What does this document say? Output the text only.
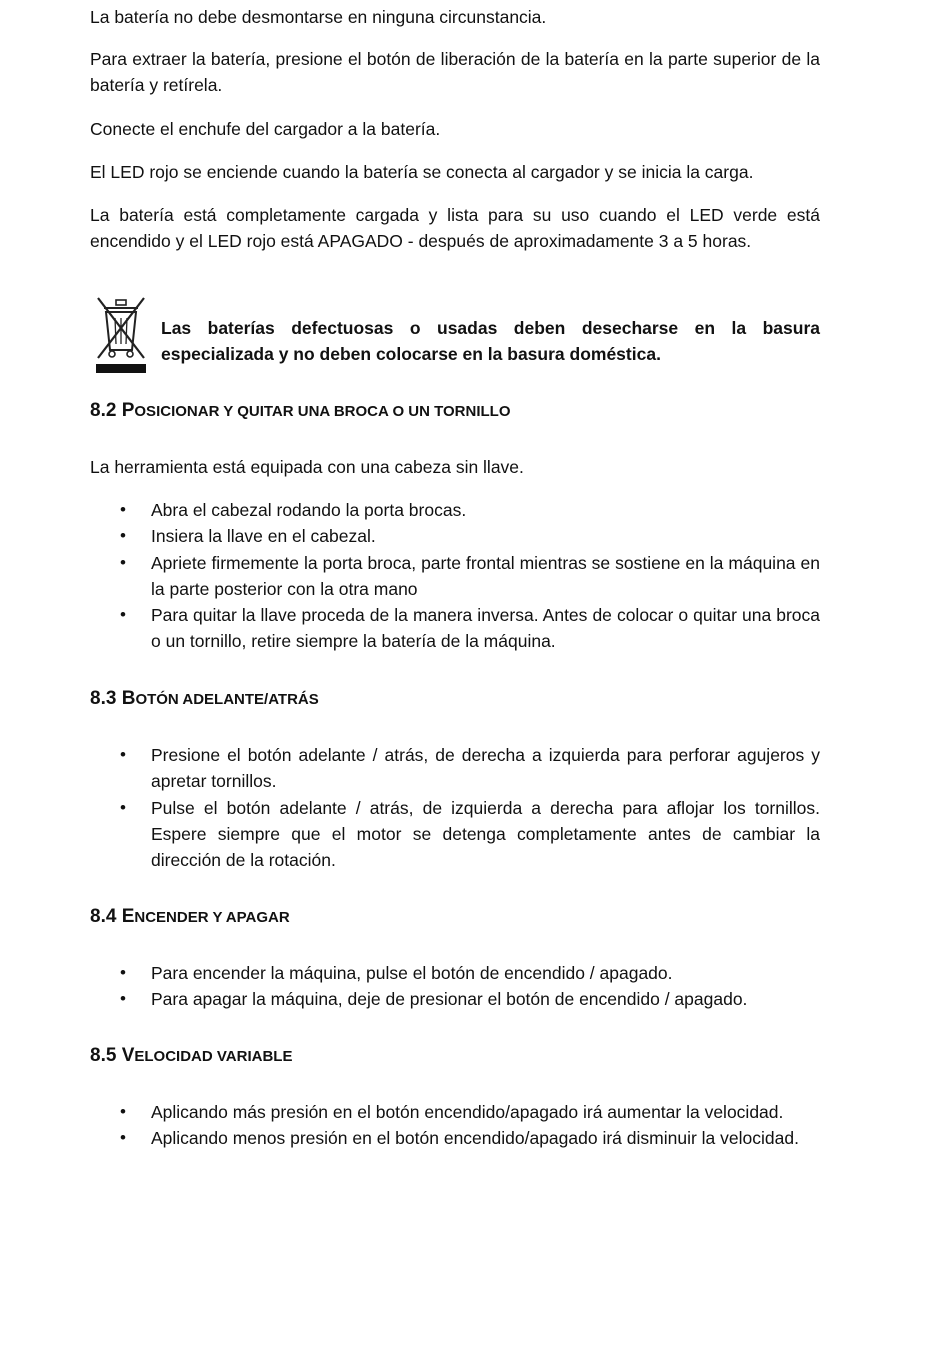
La batería no debe desmontarse en ninguna circunstancia.

Para extraer la batería, presione el botón de liberación de la batería en la parte superior de la batería y retírela.

Conecte el enchufe del cargador a la batería.

El LED rojo se enciende cuando la batería se conecta al cargador y se inicia la carga.

La batería está completamente cargada y lista para su uso cuando el LED verde está encendido y el LED rojo está APAGADO - después de aproximadamente 3 a 5 horas.

Las baterías defectuosas o usadas deben desecharse en la basura especializada y no deben colocarse en la basura doméstica.

8.2 POSICIONAR Y QUITAR UNA BROCA O UN TORNILLO

La herramienta está equipada con una cabeza sin llave.

• Abra el cabezal rodando la porta brocas.
• Insiera la llave en el cabezal.
• Apriete firmemente la porta broca, parte frontal mientras se sostiene en la máquina en la parte posterior con la otra mano
• Para quitar la llave proceda de la manera inversa. Antes de colocar o quitar una broca o un tornillo, retire siempre la batería de la máquina.
8.3 BOTÓN ADELANTE/ATRÁS
• Presione el botón adelante / atrás, de derecha a izquierda para perforar agujeros y apretar tornillos.
• Pulse el botón adelante / atrás, de izquierda a derecha para aflojar los tornillos. Espere siempre que el motor se detenga completamente antes de cambiar la dirección de la rotación.
8.4 ENCENDER Y APAGAR
• Para encender la máquina, pulse el botón de encendido / apagado.
• Para apagar la máquina, deje de presionar el botón de encendido / apagado.
8.5 VELOCIDAD VARIABLE
• Aplicando más presión en el botón encendido/apagado irá aumentar la velocidad.
• Aplicando menos presión en el botón encendido/apagado irá disminuir la velocidad.
